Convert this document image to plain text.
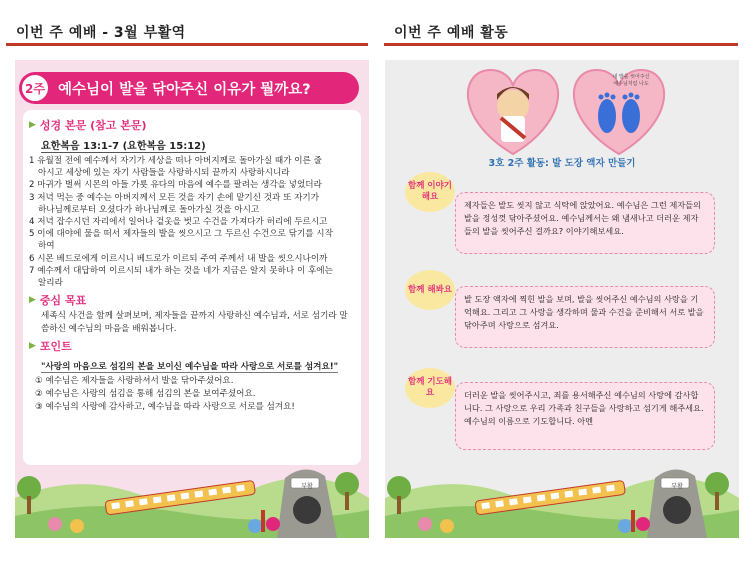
이번 주 예배 - 3월 부활역	이번 주 예배 활동
2주 예수님이 발을 닦아주신 이유가 뭘까요?
▶ 성경 본문 (참고 본문)
요한복음 13:1-7 (요한복음 15:12)
1 유월절 전에 예수께서 자기가 세상을 떠나 아버지께로 돌아가실 때가 이른 줄
아시고 세상에 있는 자기 사람들을 사랑하시되 끝까지 사랑하시니라
2 마귀가 벌써 시몬의 아들 가룟 유다의 마음에 예수를 팔려는 생각을 넣었더라
3 저녁 먹는 중 예수는 아버지께서 모든 것을 자기 손에 맡기신 것과 또 자기가
하나님께로부터 오셨다가 하나님께로 돌아가실 것을 아시고
4 저녁 잡수시던 자리에서 일어나 겉옷을 벗고 수건을 가져다가 허리에 두르시고
5 이에 대야에 물을 떠서 제자들의 발을 씻으시고 그 두르신 수건으로 닦기를 시작
하여
6 시몬 베드로에게 이르시니 베드로가 이르되 주여 주께서 내 발을 씻으시나이까
7 예수께서 대답하여 이르시되 내가 하는 것을 네가 지금은 알지 못하나 이 후에는
알리라
▶ 중심 목표
세족식 사건을 함께 살펴보며, 제자들을 끝까지 사랑하신 예수님과, 서로 섬기라 말씀하신 예수님의 마음을 배워봅니다.
▶ 포인트
"사랑의 마음으로 섬김의 본을 보이신 예수님을 따라 사랑으로 서로를 섬겨요!"
① 예수님은 제자들을 사랑하셔서 발을 닦아주셨어요.
② 예수님은 사랑의 섬김을 통해 섬김의 본을 보여주셨어요.
③ 예수님의 사랑에 감사하고, 예수님을 따라 사랑으로 서로를 섬겨요!
부활
내 발을 씻어주신
예수님처럼 나도
3호 2주 활동: 발 도장 액자 만들기
함께 이야기 해요
제자들은 발도 씻지 않고 식탁에 앉았어요. 예수님은 그런 제자들의 발을 정성껏 닦아주셨어요. 예수님께서는 왜 냄새나고 더러운 제자들의 발을 씻어주신 걸까요? 이야기해보세요.
함께 해봐요
발 도장 액자에 찍힌 발을 보며, 발을 씻어주신 예수님의 사랑을 기억해요. 그리고 그 사랑을 생각하며 물과 수건을 준비해서 서로 발을 닦아주며 사랑으로 섬겨요.
함께 기도해요	더러운 발을 씻어주시고, 죄를 용서해주신 예수님의 사랑에 감사합니다. 그 사랑으로 우리 가족과 친구들을 사랑하고 섬기게 해주세요. 예수님의 이름으로 기도합니다. 아멘
부활
